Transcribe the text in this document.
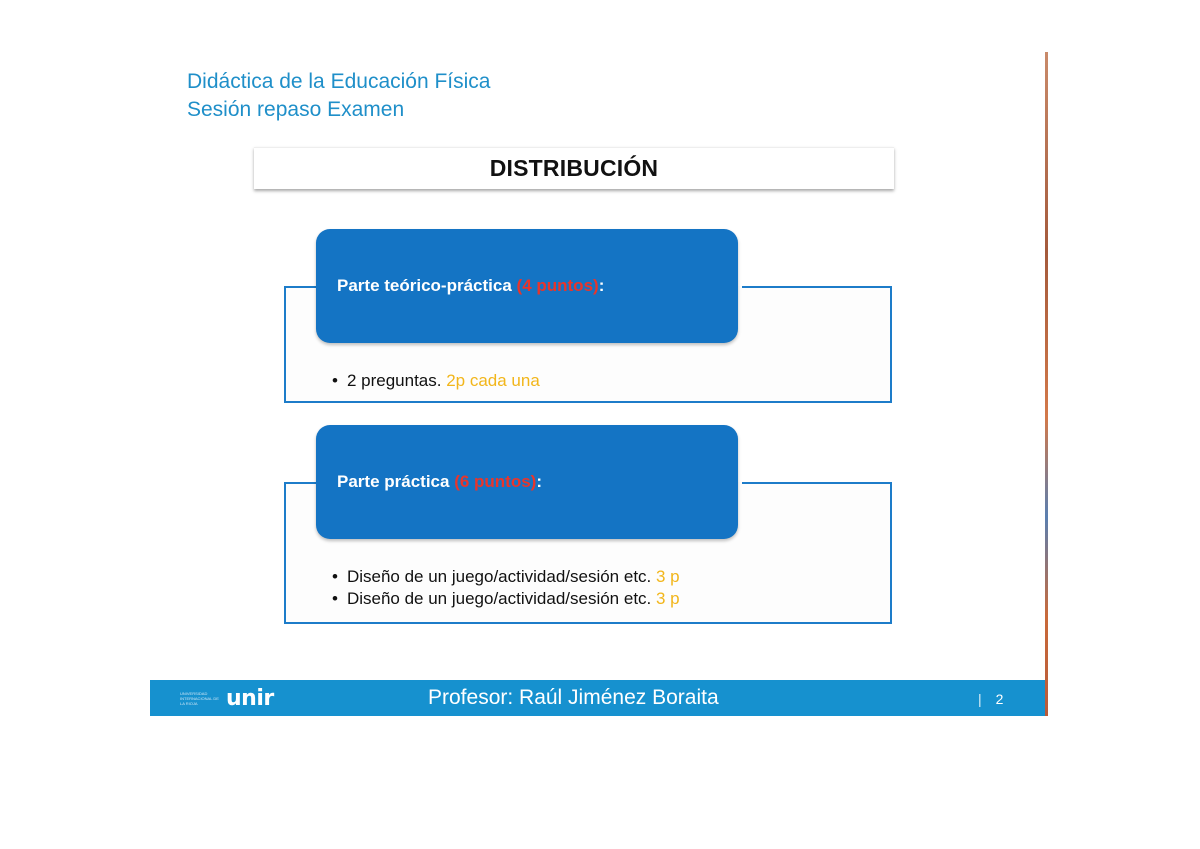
Didáctica de la Educación Física
Sesión repaso Examen
DISTRIBUCIÓN
Parte teórico-práctica
(4 puntos) :
• 2 preguntas. 2p cada una
Parte práctica
(6 puntos) :
• Diseño de un juego/actividad/sesión etc. 3 p
• Diseño de un juego/actividad/sesión etc. 3 p
UNIVERSIDAD INTERNACIONAL DE LA RIOJA	unir	Profesor: Raúl Jiménez Boraita	| 2
